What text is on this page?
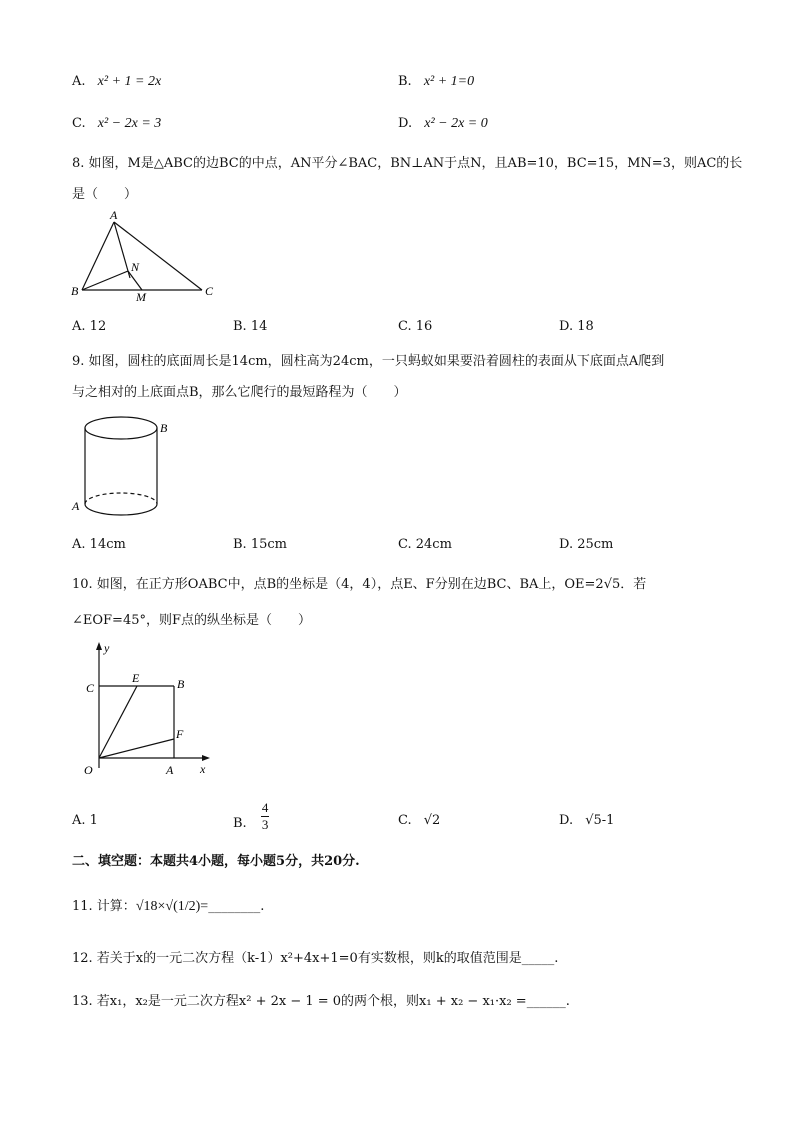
A. x² + 1 = 2x	B. x² + 1=0
C. x² − 2x = 3	D. x² − 2x = 0
8. 如图，M是△ABC的边BC的中点，AN平分∠BAC，BN⊥AN于点N，且AB=10，BC=15，MN=3，则AC的长
是（　　）
A
B	C
M
N
A. 12	B. 14	C. 16	D. 18
9. 如图，圆柱的底面周长是14cm，圆柱高为24cm，一只蚂蚁如果要沿着圆柱的表面从下底面点A爬到
与之相对的上底面点B，那么它爬行的最短路程为（　　）
B
A
A. 14cm	B. 15cm	C. 24cm	D. 25cm
10. 如图，在正方形OABC中，点B的坐标是（4，4），点E、F分别在边BC、BA上，OE=2√5．若
∠EOF=45°，则F点的纵坐标是（　　）
y
x
O	A
B
C
E
F
A. 1	B. $\frac{4}{3}$	C. √2	D. √5-1
二、填空题：本题共4小题，每小题5分，共20分.
11. 计算：√18×√(1/2)=________.
12. 若关于x的一元二次方程（k-1）x²+4x+1=0有实数根，则k的取值范围是_____.
13. 若x₁，x₂是一元二次方程x² + 2x − 1 = 0的两个根，则x₁ + x₂ − x₁·x₂ =______.
